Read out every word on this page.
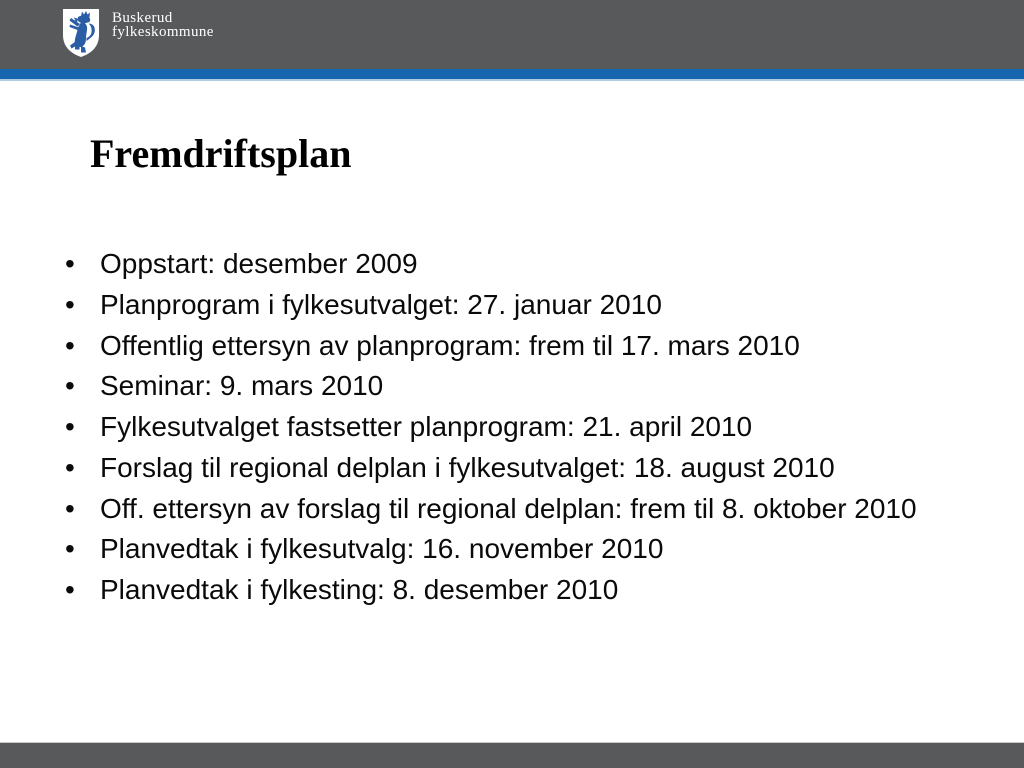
Buskerud
fylkeskommune
Fremdriftsplan
• Oppstart: desember 2009
• Planprogram i fylkesutvalget: 27. januar 2010
• Offentlig ettersyn av planprogram: frem til 17. mars 2010
• Seminar: 9. mars 2010
• Fylkesutvalget fastsetter planprogram: 21. april 2010
• Forslag til regional delplan i fylkesutvalget: 18. august 2010
• Off. ettersyn av forslag til regional delplan: frem til 8. oktober 2010
• Planvedtak i fylkesutvalg: 16. november 2010
• Planvedtak i fylkesting: 8. desember 2010
